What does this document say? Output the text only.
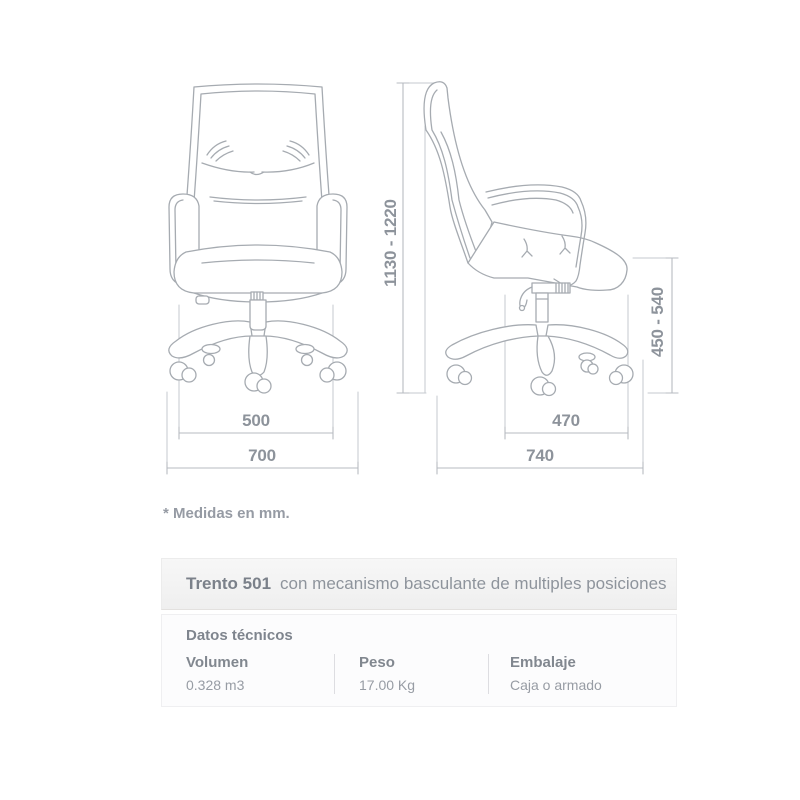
500
700
470
740
1130 - 1220
450 - 540
* Medidas en mm.
Trento 501 con mecanismo basculante de multiples posiciones
Datos técnicos
Volumen
0.328 m3
Peso
17.00 Kg
Embalaje
Caja o armado
